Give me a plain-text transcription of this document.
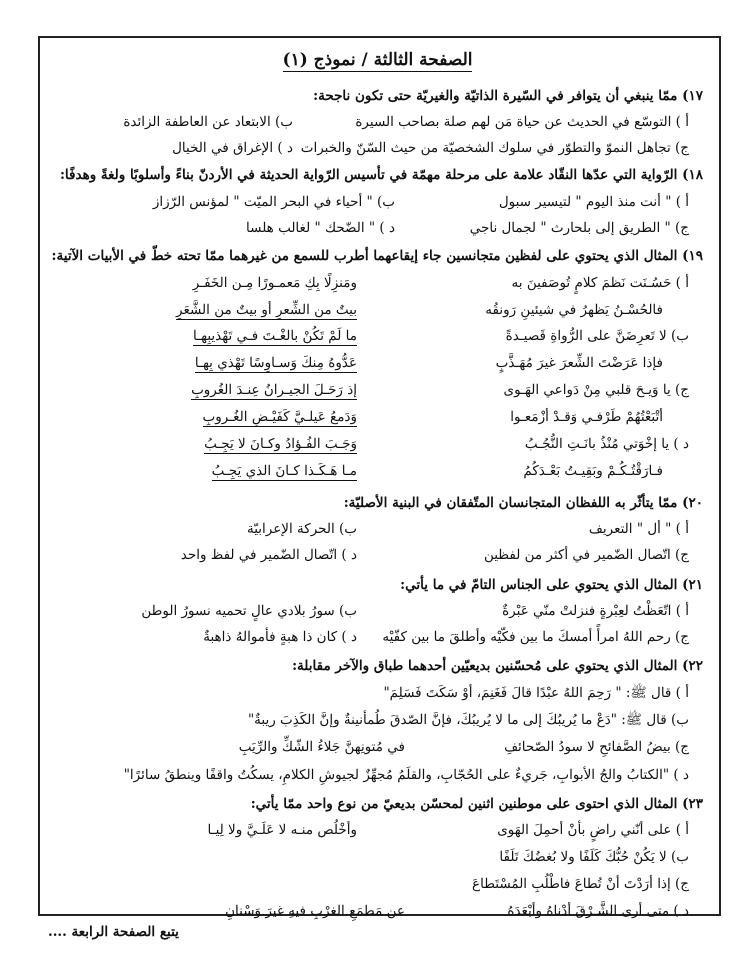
الصفحة الثالثة / نموذج (١)
١٧) ممّا ينبغي أن يتوافر في السّيرة الذاتيّة والغيريّة حتى تكون ناجحة:
أ ) التوسّع في الحديث عن حياة مَن لهم صلة بصاحب السيرة
ب) الابتعاد عن العاطفة الزائدة
ج) تجاهل النموّ والتطوّر في سلوك الشخصيّة من حيث السّنّ والخبرات
د ) الإغراق في الخيال
١٨) الرّواية التي عدّها النقّاد علامة على مرحلة مهمّة في تأسيس الرّواية الحديثة في الأردنّ بناءً وأسلوبًا ولغةً وهدفًا:
أ ) " أنت منذ اليوم " لتيسير سبول
ب) " أحياء في البحر الميّت " لمؤنس الرّزاز
ج) " الطريق إلى بلحارث " لجمال ناجي
د ) " الضّحك " لغالب هلسا
١٩) المثال الذي يحتوي على لفظين متجانسين جاء إيقاعهما أطرب للسمع من غيرهما ممّا تحته خطّ في الأبيات الآتية:
أ ) حَسُـنَت نَظمَ كلامٍ تُوصَفينَ به
ومَنزِلًا بِكِ مَعمـورًا مِـن الخَفَـرِ
فالحُسْـنُ يَظهرُ في شيئينِ رَونقُه
بيتٌ من الشِّعرِ أو بيتٌ من الشَّعَرِ
ب) لا تَعرِضَنَّ على الرُّواةِ قَصيـدةً
ما لَمْ تَكُنْ بالغْـتَ فـي تَهْذيبِهـا
فإذا عَرَضْتَ الشِّعرَ غيرَ مُهَـذَّبٍ
عَدُّوهُ مِنكَ وَسـاوِسًا تَهْذي بِهـا
ج) يا وَيـحَ قلبي مِنْ دَواعي الهَـوى
إذ رَحَـلَ الجيـرانُ عِنـدَ الغُروبِ
أتْبَعْتُهُمْ طَرْفـي وَقـدْ أزْمَعـوا
وَدَمعُ عَيلـيَّ كَفَيْـضِ الغُـروبِ
د ) يا إخْوَتي مُنْذُ بانَـتِ النُّجُـبُ
وَجَـبَ الفُـؤادُ وكـانَ لا يَجِـبُ
فـارَقْتُـكُـمْ وبَقِيـتُ بَعْـدَكُمُ
مـا هَـكَـذا كـانَ الذي يَجِـبُ
٢٠) ممّا يتأثّر به اللفظان المتجانسان المتّفقان في البنية الأصليّة:
أ ) " أل " التعريف
ب) الحركة الإعرابيّة
ج) اتّصال الضّمير في أكثر من لفظين
د ) اتّصال الضّمير في لفظ واحد
٢١) المثال الذي يحتوي على الجناس التامّ في ما يأتي:
أ ) اتّعَظْتُ لعِبْرةٍ فنزلتْ منّي عَبْرةٌ
ب) سورُ بلادي عالٍ تحميه نسورُ الوطن
ج) رحم اللهُ امرأً أمسكَ ما بين فكّيْه وأطلقَ ما بين كفّيْه
د ) كان ذا هبةٍ فأموالهُ ذاهبةٌ
٢٢) المثال الذي يحتوي على مُحسّنين بديعيّين أحدهما طباق والآخر مقابلة:
أ ) قال ﷺ: " رَحِمَ اللهُ عبْدًا قالَ فَغَنِمَ، أوْ سَكَتَ فَسَلِمَ"
ب) قال ﷺ: "دَعْ ما يُريبُكَ إلى ما لا يُريبُكَ، فإنَّ الصّدقَ طُمأنينةٌ وإنَّ الكَذِبَ ريبةٌ"
ج) بيضُ الصَّفائحِ لا سودُ الصّحائفِ
في مُتونِهنَّ جَلاءُ الشّكِّ والرِّيَبِ
د ) "الكتابُ والجُ الأبوابِ، جَريءٌ على الحُجّابِ، والقلَمُ مُجهِّزٌ لجيوشِ الكلامِ، يسكُتُ واقفًا وينطقُ سائرًا"
٢٣) المثال الذي احتوى على موطنين اثنين لمحسّن بديعيّ من نوع واحد ممّا يأتي:
أ ) على أنّني راضٍ بأنْ أحمِلَ الهَوى
وأخْلُص منـه لا عَلَـيَّ ولا لِيـا
ب) لا يَكُنْ حُبُّكَ كَلَفًا ولا بُغضُكَ تَلَفًا
ج) إذا أرَدْتَ أنْ تُطاعَ فاطْلُبِ المُسْتَطاعَ
د ) متى أرى الشَّـرْقَ أدْناهُ وأبْعَدَهُ
عن مَطمَعِ الغرْبِ فيهِ غيرَ وَسْنانِ
يتبع الصفحة الرابعة ....
